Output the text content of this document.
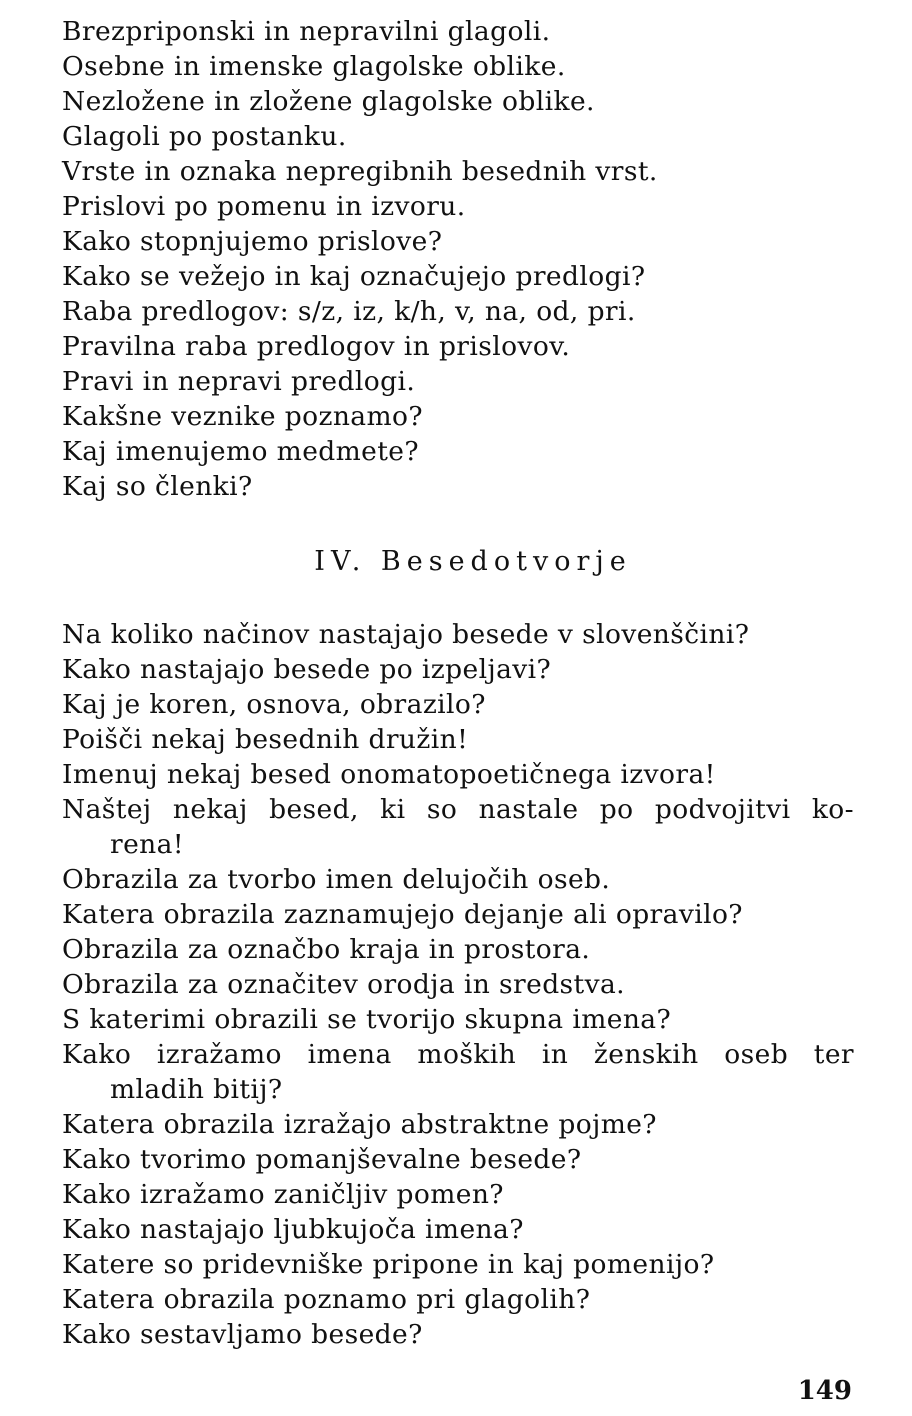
Brezpriponski in nepravilni glagoli.
Osebne in imenske glagolske oblike.
Nezložene in zložene glagolske oblike.
Glagoli po postanku.
Vrste in oznaka nepregibnih besednih vrst.
Prislovi po pomenu in izvoru.
Kako stopnjujemo prislove?
Kako se vežejo in kaj označujejo predlogi?
Raba predlogov: s/z, iz, k/h, v, na, od, pri.
Pravilna raba predlogov in prislovov.
Pravi in nepravi predlogi.
Kakšne veznike poznamo?
Kaj imenujemo medmete?
Kaj so členki?
IV. Besedotvorje
Na koliko načinov nastajajo besede v slovenščini?
Kako nastajajo besede po izpeljavi?
Kaj je koren, osnova, obrazilo?
Poišči nekaj besednih družin!
Imenuj nekaj besed onomatopoetičnega izvora!
Naštej nekaj besed, ki so nastale po podvojitvi ko-
rena!
Obrazila za tvorbo imen delujočih oseb.
Katera obrazila zaznamujejo dejanje ali opravilo?
Obrazila za označbo kraja in prostora.
Obrazila za označitev orodja in sredstva.
S katerimi obrazili se tvorijo skupna imena?
Kako izražamo imena moških in ženskih oseb ter
mladih bitij?
Katera obrazila izražajo abstraktne pojme?
Kako tvorimo pomanjševalne besede?
Kako izražamo zaničljiv pomen?
Kako nastajajo ljubkujoča imena?
Katere so pridevniške pripone in kaj pomenijo?
Katera obrazila poznamo pri glagolih?
Kako sestavljamo besede?
149
